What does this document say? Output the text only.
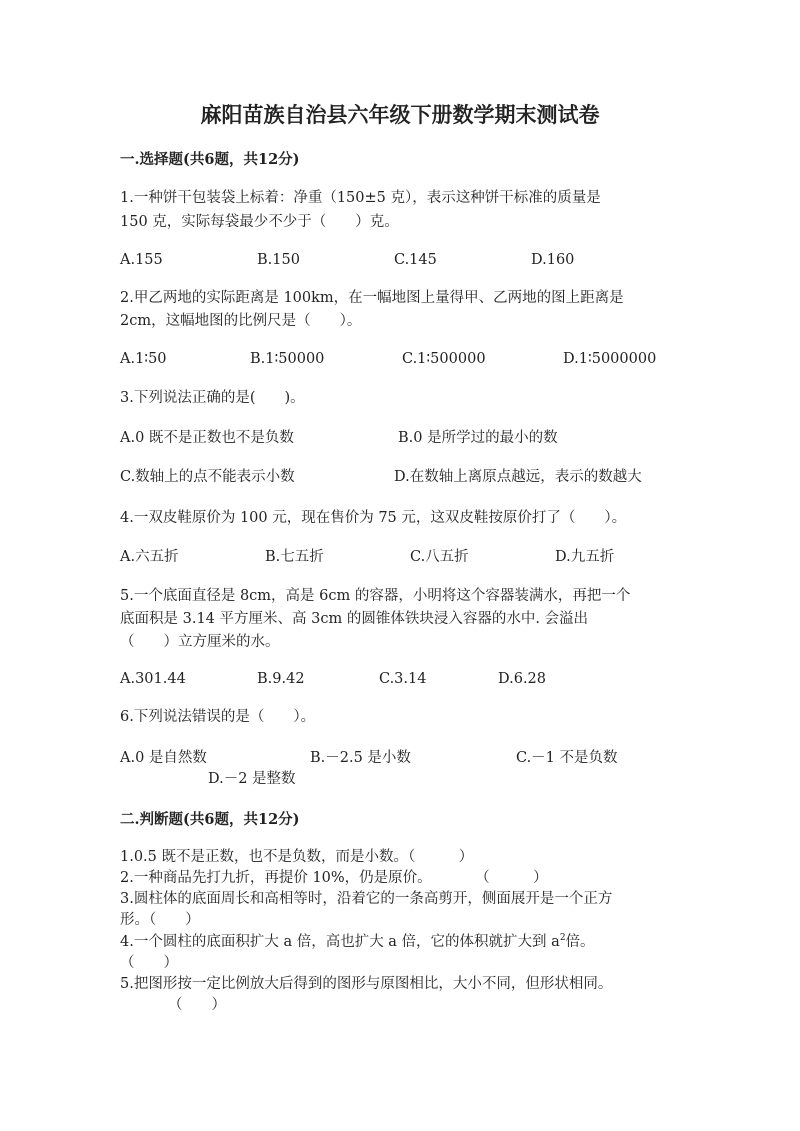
麻阳苗族自治县六年级下册数学期末测试卷
一.选择题(共6题，共12分)
1.一种饼干包装袋上标着：净重（150±5 克），表示这种饼干标准的质量是
150 克，实际每袋最少不少于（　　）克。
A.155	B.150	C.145	D.160
2.甲乙两地的实际距离是 100km，在一幅地图上量得甲、乙两地的图上距离是
2cm，这幅地图的比例尺是（　　）。
A.1∶50	B.1∶50000	C.1∶500000	D.1∶5000000
3.下列说法正确的是(　　)。
A.0 既不是正数也不是负数	B.0 是所学过的最小的数
C.数轴上的点不能表示小数	D.在数轴上离原点越远，表示的数越大
4.一双皮鞋原价为 100 元，现在售价为 75 元，这双皮鞋按原价打了（　　）。
A.六五折	B.七五折	C.八五折	D.九五折
5.一个底面直径是 8cm，高是 6cm 的容器，小明将这个容器装满水，再把一个
底面积是 3.14 平方厘米、高 3cm 的圆锥体铁块浸入容器的水中. 会溢出
（　　）立方厘米的水。
A.301.44	B.9.42	C.3.14	D.6.28
6.下列说法错误的是（　　）。
A.0 是自然数	B.－2.5 是小数	C.－1 不是负数
D.－2 是整数
二.判断题(共6题，共12分)
1.0.5 既不是正数，也不是负数，而是小数。（　　　）
2.一种商品先打九折，再提价 10%，仍是原价。　　　　（　　　）
3.圆柱体的底面周长和高相等时，沿着它的一条高剪开，侧面展开是一个正方
形。（　　）
4.一个圆柱的底面积扩大 a 倍，高也扩大 a 倍，它的体积就扩大到 $a^2$倍。
（　　）
5.把图形按一定比例放大后得到的图形与原图相比，大小不同，但形状相同。
（　　）
